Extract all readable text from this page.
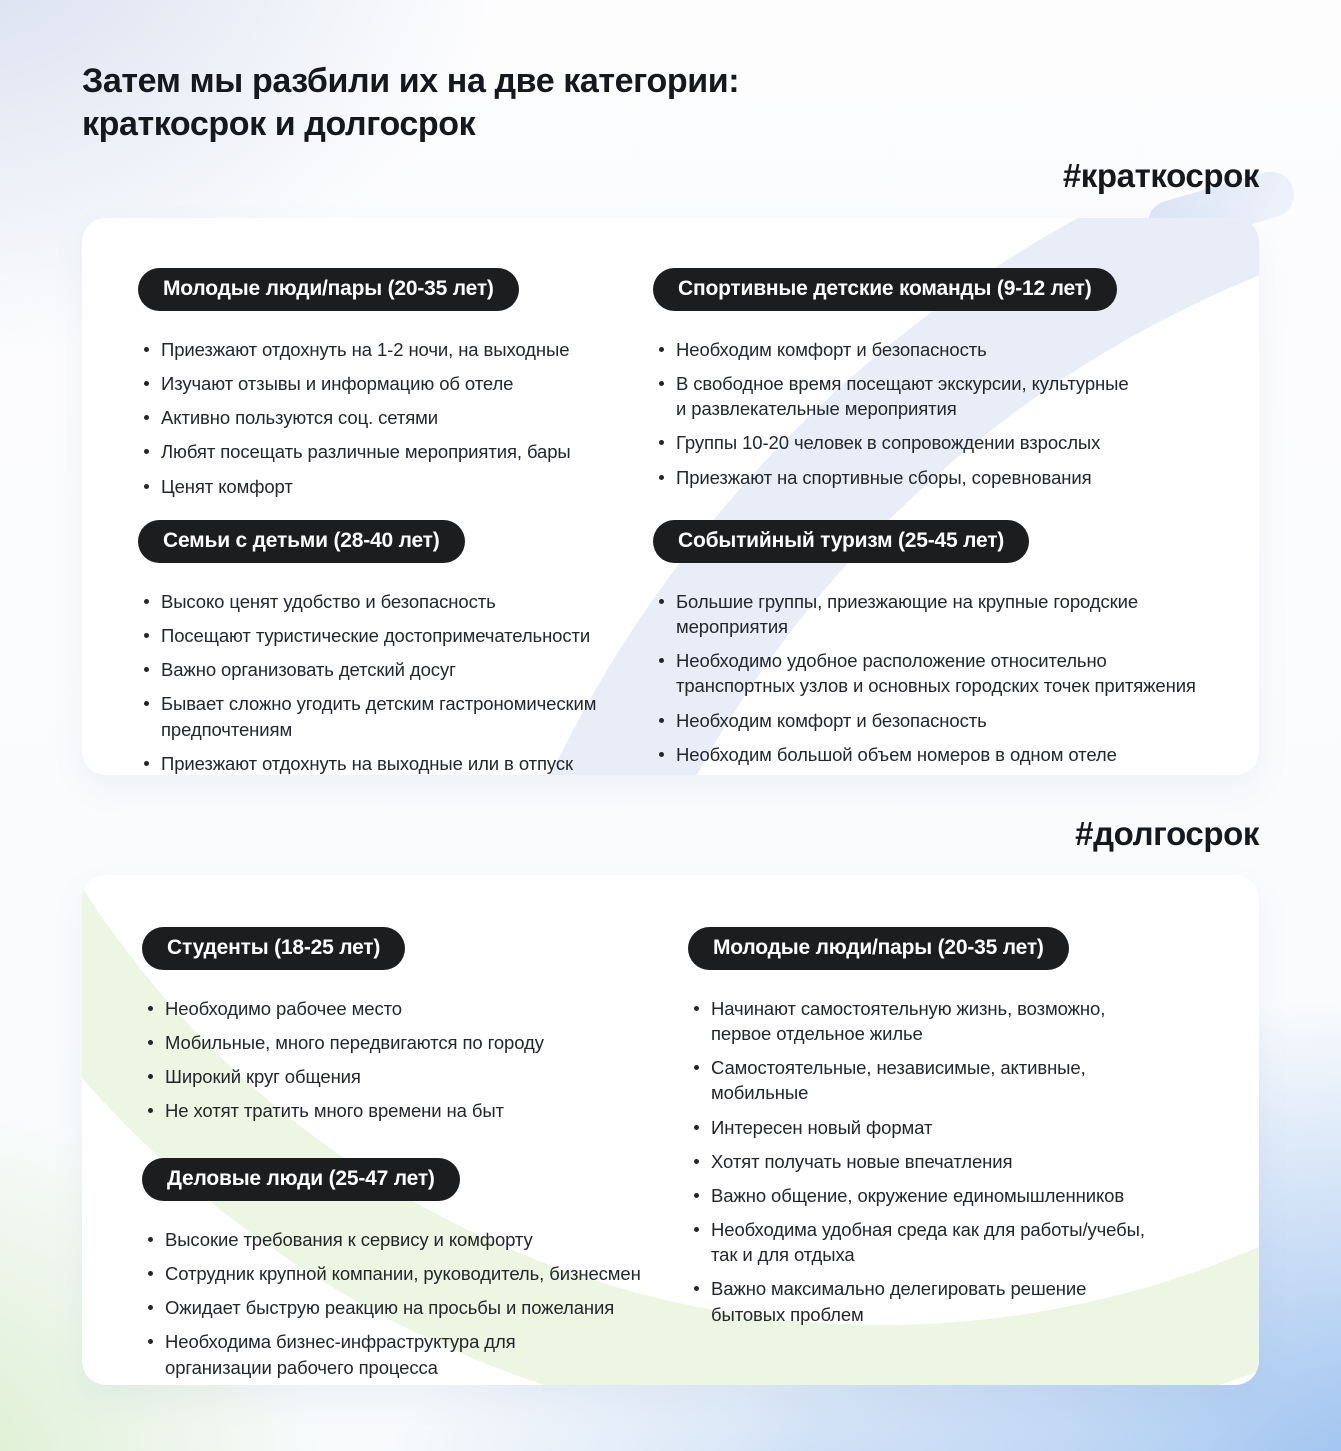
Затем мы разбили их на две категории:
краткосрок и долгосрок
#краткосрок
Молодые люди/пары (20-35 лет)
Приезжают отдохнуть на 1-2 ночи, на выходные
Изучают отзывы и информацию об отеле
Активно пользуются соц. сетями
Любят посещать различные мероприятия, бары
Ценят комфорт
Спортивные детские команды (9-12 лет)
Необходим комфорт и безопасность
В свободное время посещают экскурсии, культурные и развлекательные мероприятия
Группы 10-20 человек в сопровождении взрослых
Приезжают на спортивные сборы, соревнования
Семьи с детьми (28-40 лет)
Высоко ценят удобство и безопасность
Посещают туристические достопримечательности
Важно организовать детский досуг
Бывает сложно угодить детским гастрономическим предпочтениям
Приезжают отдохнуть на выходные или в отпуск
Событийный туризм (25-45 лет)
Большие группы, приезжающие на крупные городские мероприятия
Необходимо удобное расположение относительно транспортных узлов и основных городских точек притяжения
Необходим комфорт и безопасность
Необходим большой объем номеров в одном отеле
#долгосрок
Студенты (18-25 лет)
Необходимо рабочее место
Мобильные, много передвигаются по городу
Широкий круг общения
Не хотят тратить много времени на быт
Молодые люди/пары (20-35 лет)
Начинают самостоятельную жизнь, возможно, первое отдельное жилье
Самостоятельные, независимые, активные, мобильные
Интересен новый формат
Хотят получать новые впечатления
Важно общение, окружение единомышленников
Необходима удобная среда как для работы/учебы, так и для отдыха
Важно максимально делегировать решение бытовых проблем
Деловые люди (25-47 лет)
Высокие требования к сервису и комфорту
Сотрудник крупной компании, руководитель, бизнесмен
Ожидает быструю реакцию на просьбы и пожелания
Необходима бизнес-инфраструктура для организации рабочего процесса
